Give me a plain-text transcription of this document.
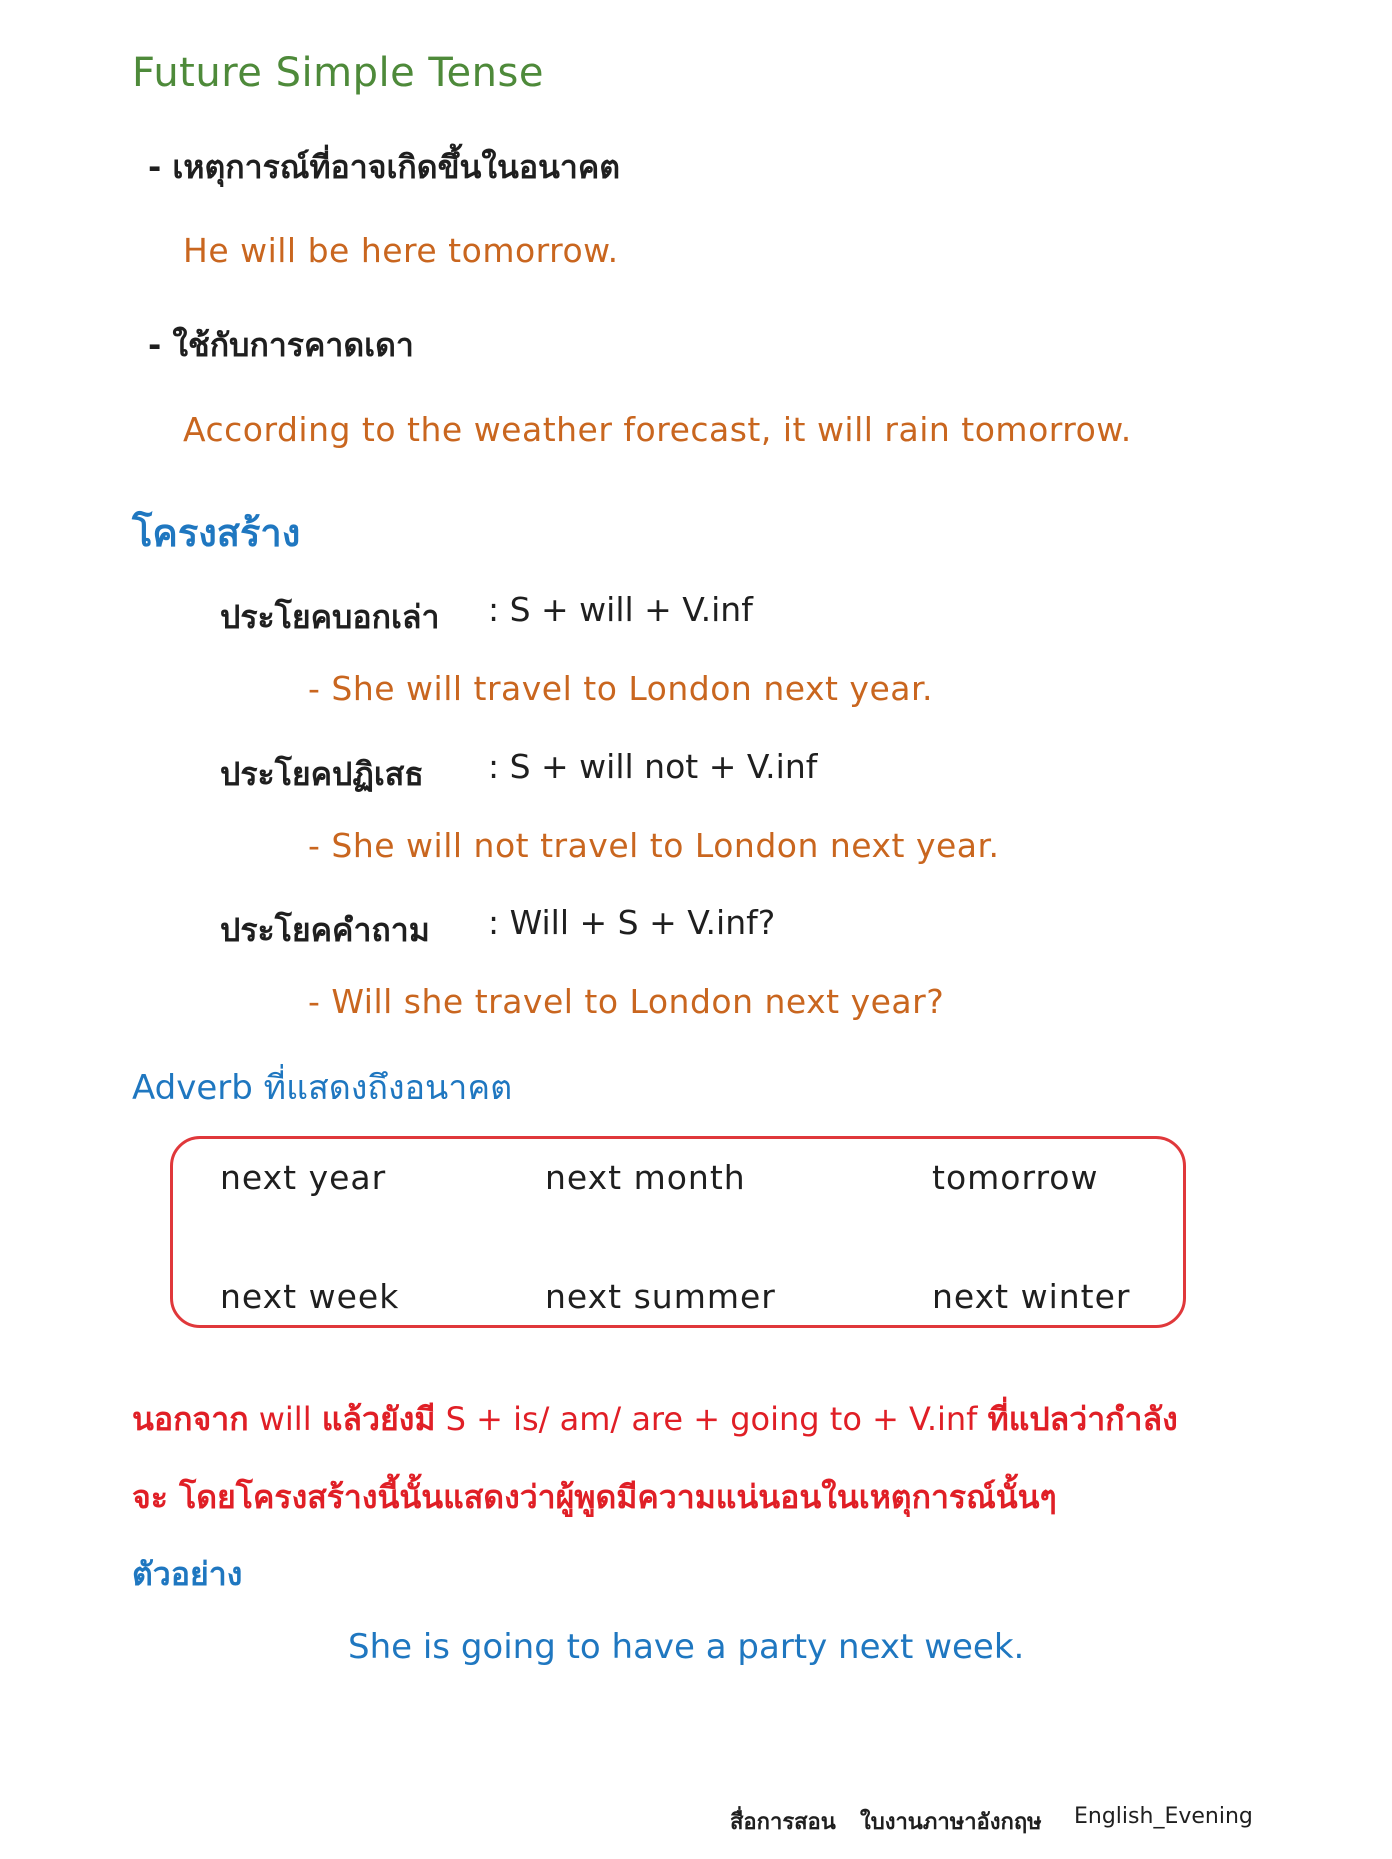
Future Simple Tense
- เหตุการณ์ที่อาจเกิดขึ้นในอนาคต
He will be here tomorrow.
- ใช้กับการคาดเดา
According to the weather forecast, it will rain tomorrow.
โครงสร้าง
ประโยคบอกเล่า : S + will + V.inf
- She will travel to London next year.
ประโยคปฏิเสธ : S + will not + V.inf
- She will not travel to London next year.
ประโยคคำถาม : Will + S + V.inf?
- Will she travel to London next year?
Adverb ที่แสดงถึงอนาคต
next year	next month	tomorrow
next week	next summer	next winter
นอกจาก will แล้วยังมี S + is/ am/ are + going to + V.inf ที่แปลว่ากำลัง
จะ โดยโครงสร้างนี้นั้นแสดงว่าผู้พูดมีความแน่นอนในเหตุการณ์นั้นๆ
ตัวอย่าง
She is going to have a party next week.
สื่อการสอน ใบงานภาษาอังกฤษ English_Evening
